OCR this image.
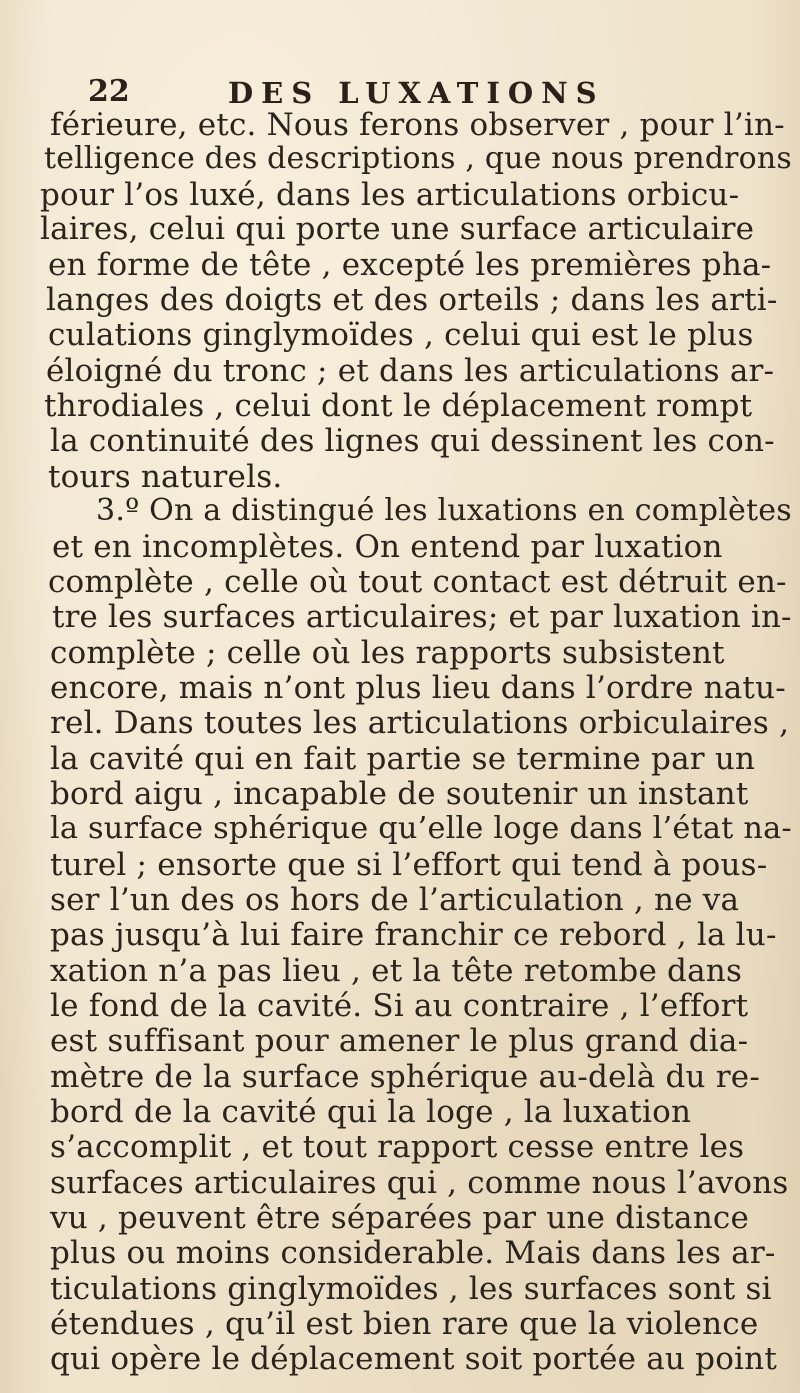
22	DES LUXATIONS
férieure, etc. Nous ferons observer , pour l’in-
telligence des descriptions , que nous prendrons
pour l’os luxé, dans les articulations orbicu-
laires, celui qui porte une surface articulaire
en forme de tête , excepté les premières pha-
langes des doigts et des orteils ; dans les arti-
culations ginglymoïdes , celui qui est le plus
éloigné du tronc ; et dans les articulations ar-
throdiales , celui dont le déplacement rompt
la continuité des lignes qui dessinent les con-
tours naturels.
3.º On a distingué les luxations en complètes
et en incomplètes. On entend par luxation
complète , celle où tout contact est détruit en-
tre les surfaces articulaires; et par luxation in-
complète ; celle où les rapports subsistent
encore, mais n’ont plus lieu dans l’ordre natu-
rel. Dans toutes les articulations orbiculaires ,
la cavité qui en fait partie se termine par un
bord aigu , incapable de soutenir un instant
la surface sphérique qu’elle loge dans l’état na-
turel ; ensorte que si l’effort qui tend à pous-
ser l’un des os hors de l’articulation , ne va
pas jusqu’à lui faire franchir ce rebord , la lu-
xation n’a pas lieu , et la tête retombe dans
le fond de la cavité. Si au contraire , l’effort
est suffisant pour amener le plus grand dia-
mètre de la surface sphérique au-delà du re-
bord de la cavité qui la loge , la luxation
s’accomplit , et tout rapport cesse entre les
surfaces articulaires qui , comme nous l’avons
vu , peuvent être séparées par une distance
plus ou moins considerable. Mais dans les ar-
ticulations ginglymoïdes , les surfaces sont si
étendues , qu’il est bien rare que la violence
qui opère le déplacement soit portée au point
